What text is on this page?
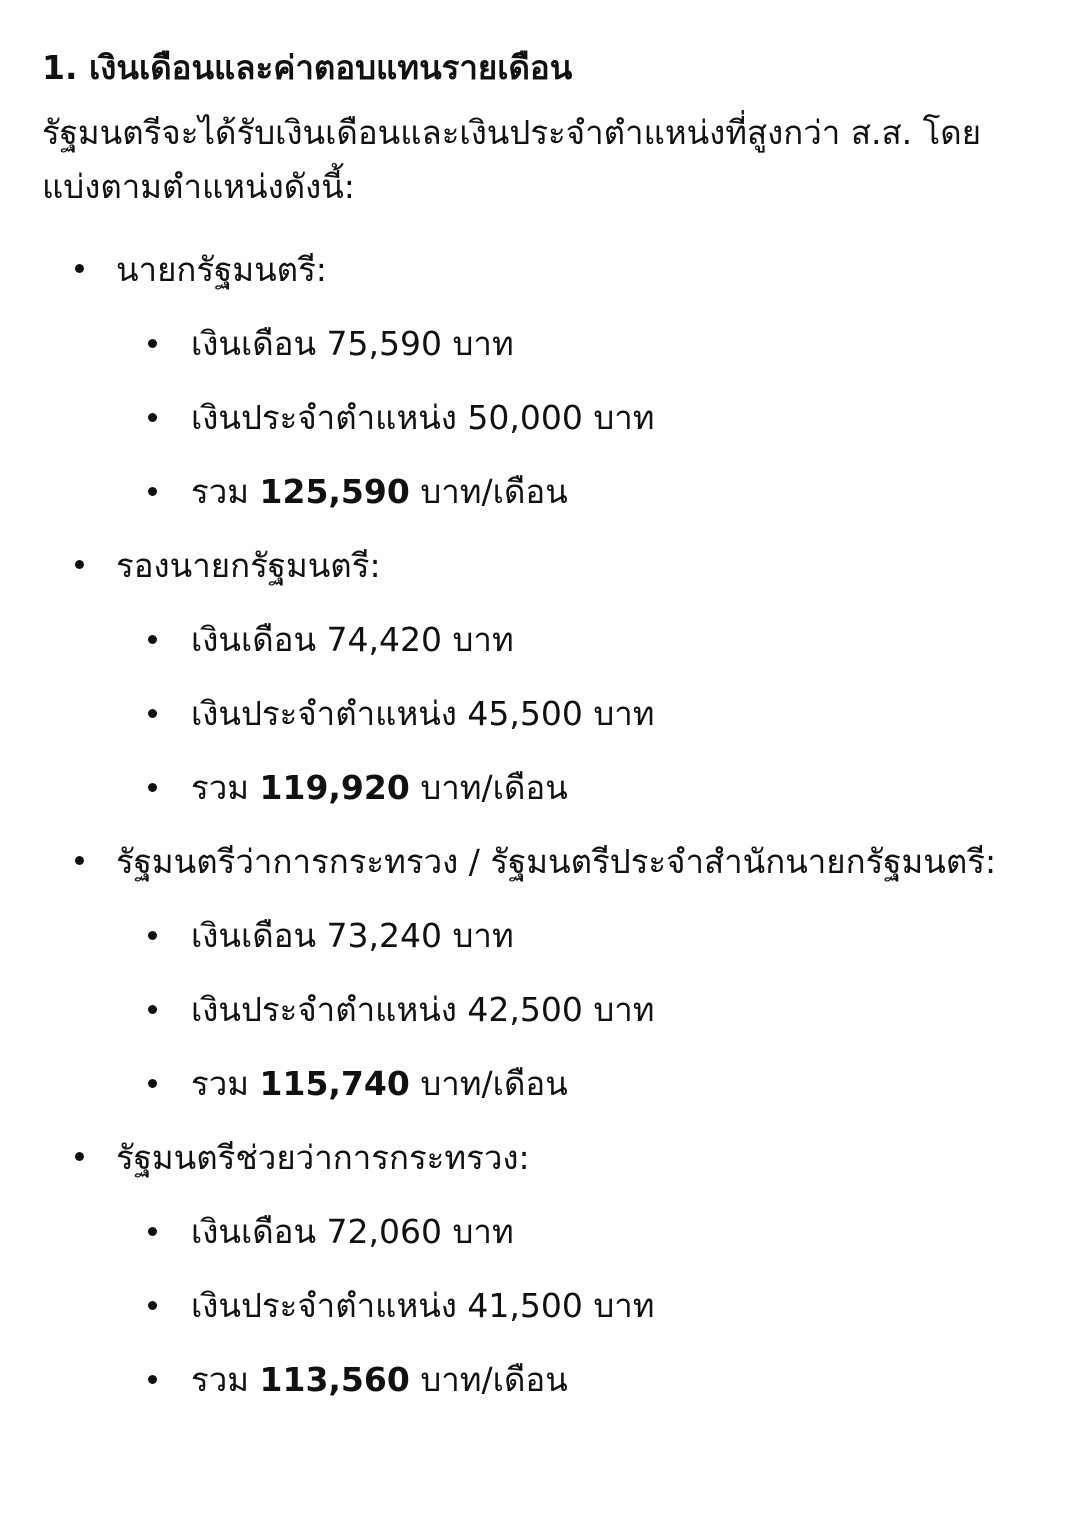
1. เงินเดือนและค่าตอบแทนรายเดือน
รัฐมนตรีจะได้รับเงินเดือนและเงินประจำตำแหน่งที่สูงกว่า ส.ส. โดยแบ่งตามตำแหน่งดังนี้:
นายกรัฐมนตรี:
เงินเดือน 75,590 บาท
เงินประจำตำแหน่ง 50,000 บาท
รวม
125,590
บาท/เดือน
รองนายกรัฐมนตรี:
เงินเดือน 74,420 บาท
เงินประจำตำแหน่ง 45,500 บาท
รวม
119,920
บาท/เดือน
รัฐมนตรีว่าการกระทรวง / รัฐมนตรีประจำสำนักนายกรัฐมนตรี:
เงินเดือน 73,240 บาท
เงินประจำตำแหน่ง 42,500 บาท
รวม
115,740
บาท/เดือน
รัฐมนตรีช่วยว่าการกระทรวง:
เงินเดือน 72,060 บาท
เงินประจำตำแหน่ง 41,500 บาท
รวม
113,560
บาท/เดือน
